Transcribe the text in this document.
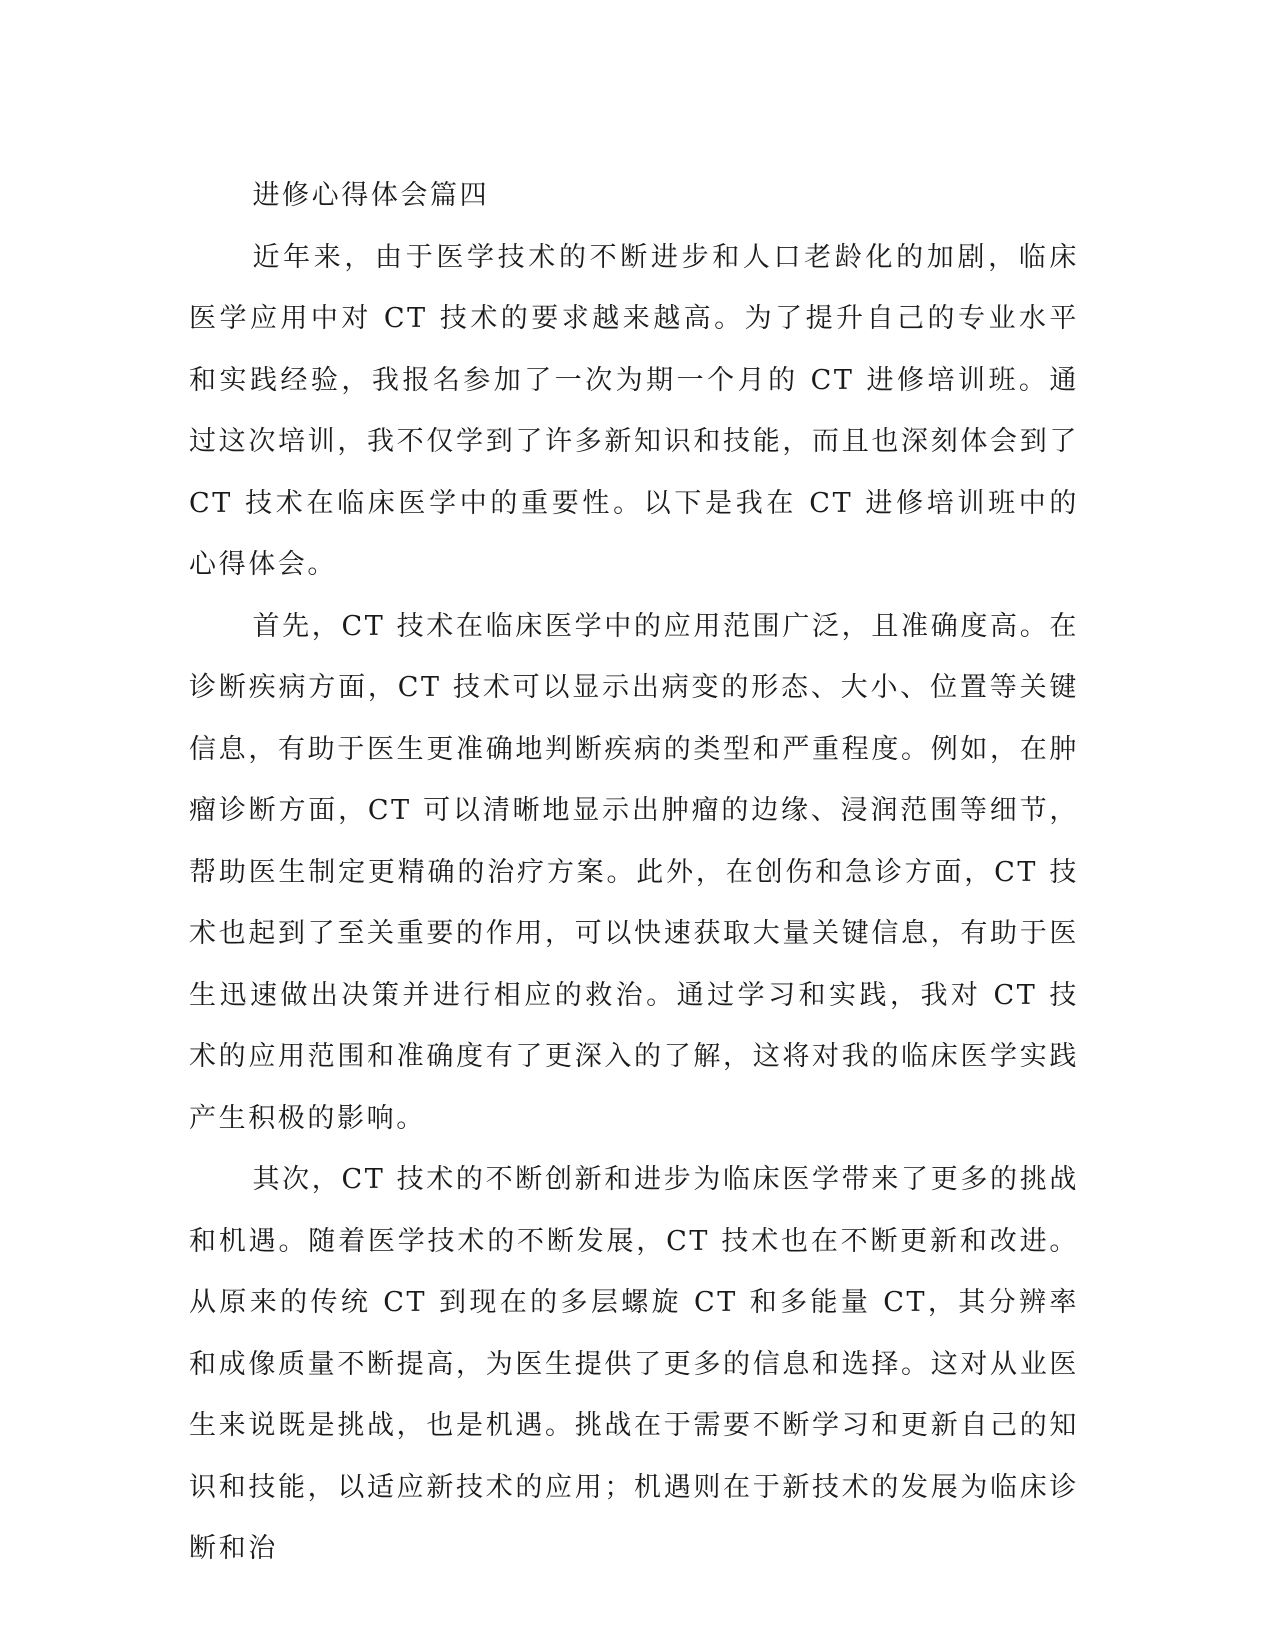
进修心得体会篇四

近年来，由于医学技术的不断进步和人口老龄化的加剧，临床医学应用中对 CT 技术的要求越来越高。为了提升自己的专业水平和实践经验，我报名参加了一次为期一个月的 CT 进修培训班。通过这次培训，我不仅学到了许多新知识和技能，而且也深刻体会到了 CT 技术在临床医学中的重要性。以下是我在 CT 进修培训班中的心得体会。

首先，CT 技术在临床医学中的应用范围广泛，且准确度高。在诊断疾病方面，CT 技术可以显示出病变的形态、大小、位置等关键信息，有助于医生更准确地判断疾病的类型和严重程度。例如，在肿瘤诊断方面，CT 可以清晰地显示出肿瘤的边缘、浸润范围等细节，帮助医生制定更精确的治疗方案。此外，在创伤和急诊方面，CT 技术也起到了至关重要的作用，可以快速获取大量关键信息，有助于医生迅速做出决策并进行相应的救治。通过学习和实践，我对 CT 技术的应用范围和准确度有了更深入的了解，这将对我的临床医学实践产生积极的影响。

其次，CT 技术的不断创新和进步为临床医学带来了更多的挑战和机遇。随着医学技术的不断发展，CT 技术也在不断更新和改进。从原来的传统 CT 到现在的多层螺旋 CT 和多能量 CT，其分辨率和成像质量不断提高，为医生提供了更多的信息和选择。这对从业医生来说既是挑战，也是机遇。挑战在于需要不断学习和更新自己的知识和技能，以适应新技术的应用；机遇则在于新技术的发展为临床诊断和治
